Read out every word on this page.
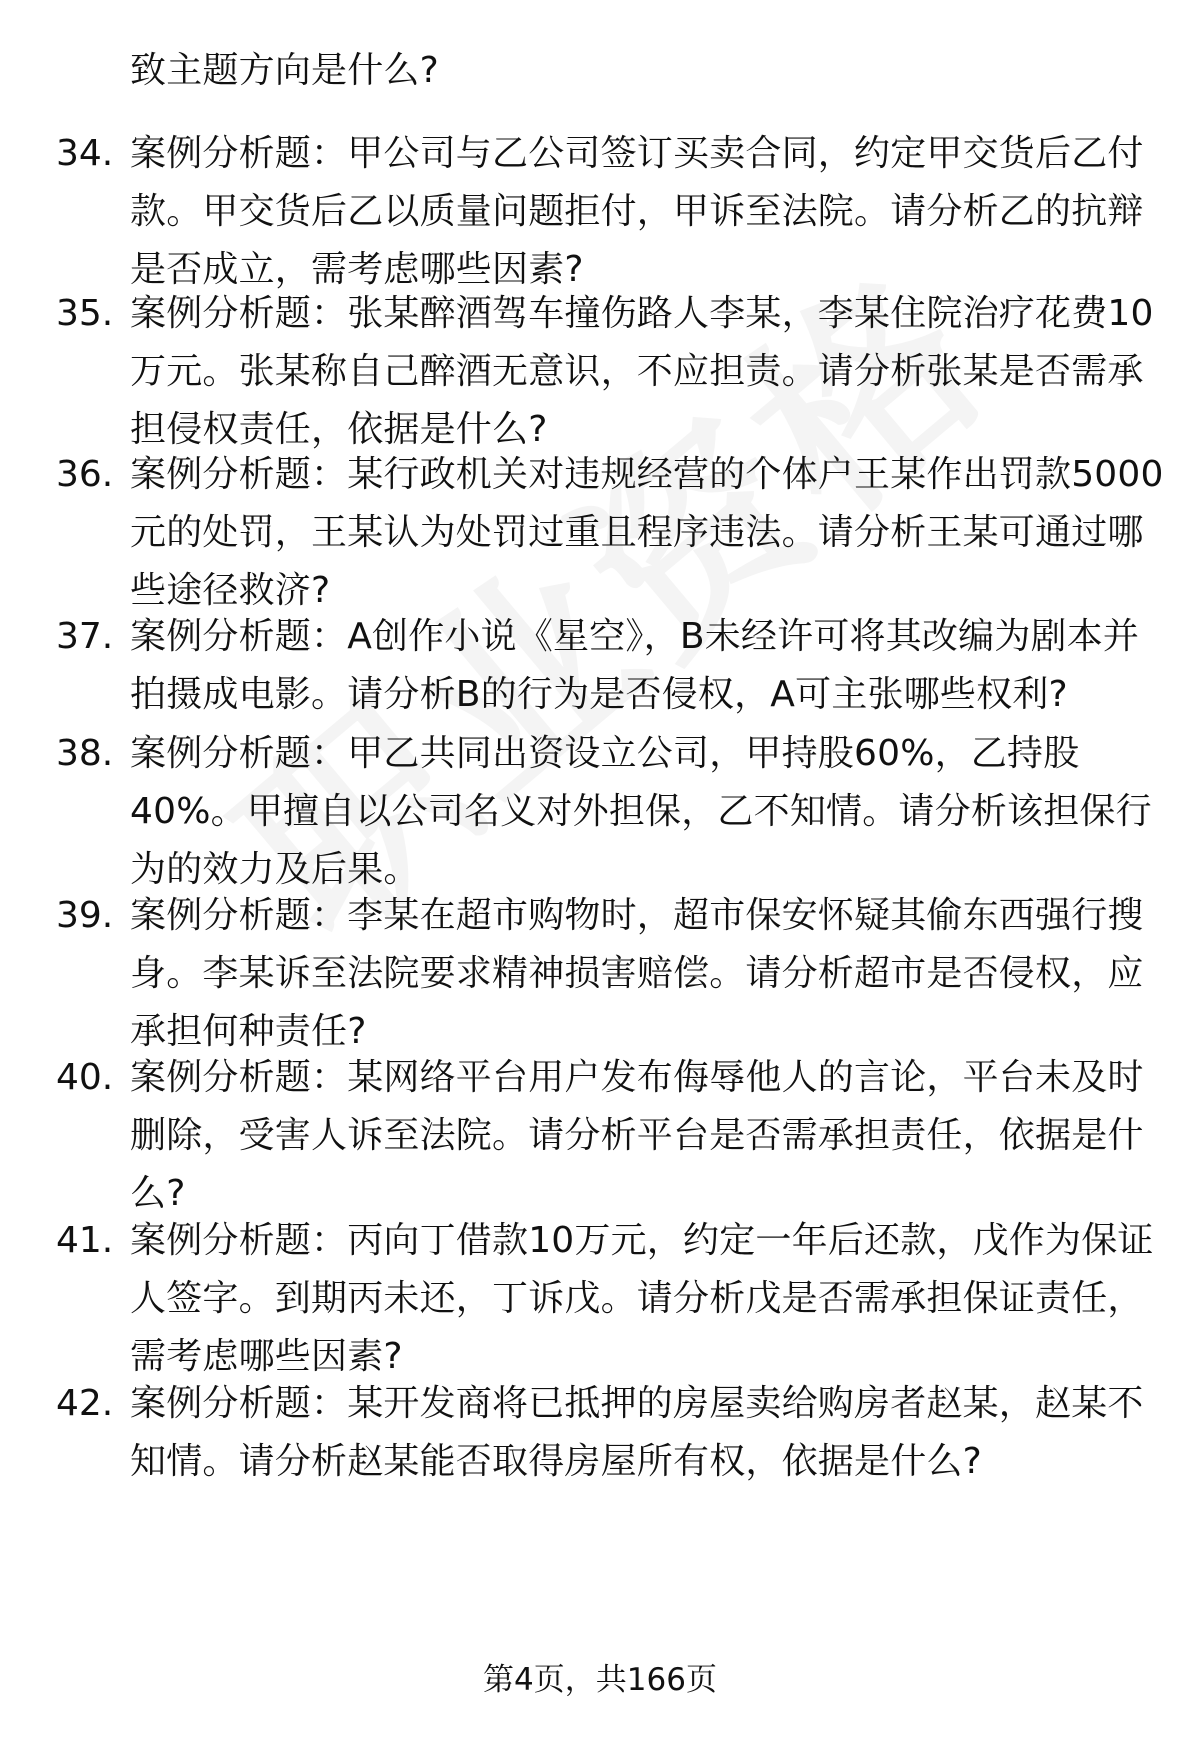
致主题方向是什么?
34. 案例分析题：甲公司与乙公司签订买卖合同，约定甲交货后乙付
款。甲交货后乙以质量问题拒付，甲诉至法院。请分析乙的抗辩
是否成立，需考虑哪些因素?
35. 案例分析题：张某醉酒驾车撞伤路人李某，李某住院治疗花费10
万元。张某称自己醉酒无意识，不应担责。请分析张某是否需承
担侵权责任，依据是什么?
36. 案例分析题：某行政机关对违规经营的个体户王某作出罚款5000
元的处罚，王某认为处罚过重且程序违法。请分析王某可通过哪
些途径救济?
37. 案例分析题：A创作小说《星空》，B未经许可将其改编为剧本并
拍摄成电影。请分析B的行为是否侵权，A可主张哪些权利?
38. 案例分析题：甲乙共同出资设立公司，甲持股60%，乙持股
40%。甲擅自以公司名义对外担保，乙不知情。请分析该担保行
为的效力及后果。
39. 案例分析题：李某在超市购物时，超市保安怀疑其偷东西强行搜
身。李某诉至法院要求精神损害赔偿。请分析超市是否侵权，应
承担何种责任?
40. 案例分析题：某网络平台用户发布侮辱他人的言论，平台未及时
删除，受害人诉至法院。请分析平台是否需承担责任，依据是什
么?
41. 案例分析题：丙向丁借款10万元，约定一年后还款，戊作为保证
人签字。到期丙未还，丁诉戊。请分析戊是否需承担保证责任，
需考虑哪些因素?
42. 案例分析题：某开发商将已抵押的房屋卖给购房者赵某，赵某不
知情。请分析赵某能否取得房屋所有权，依据是什么?
第4页，共166页
